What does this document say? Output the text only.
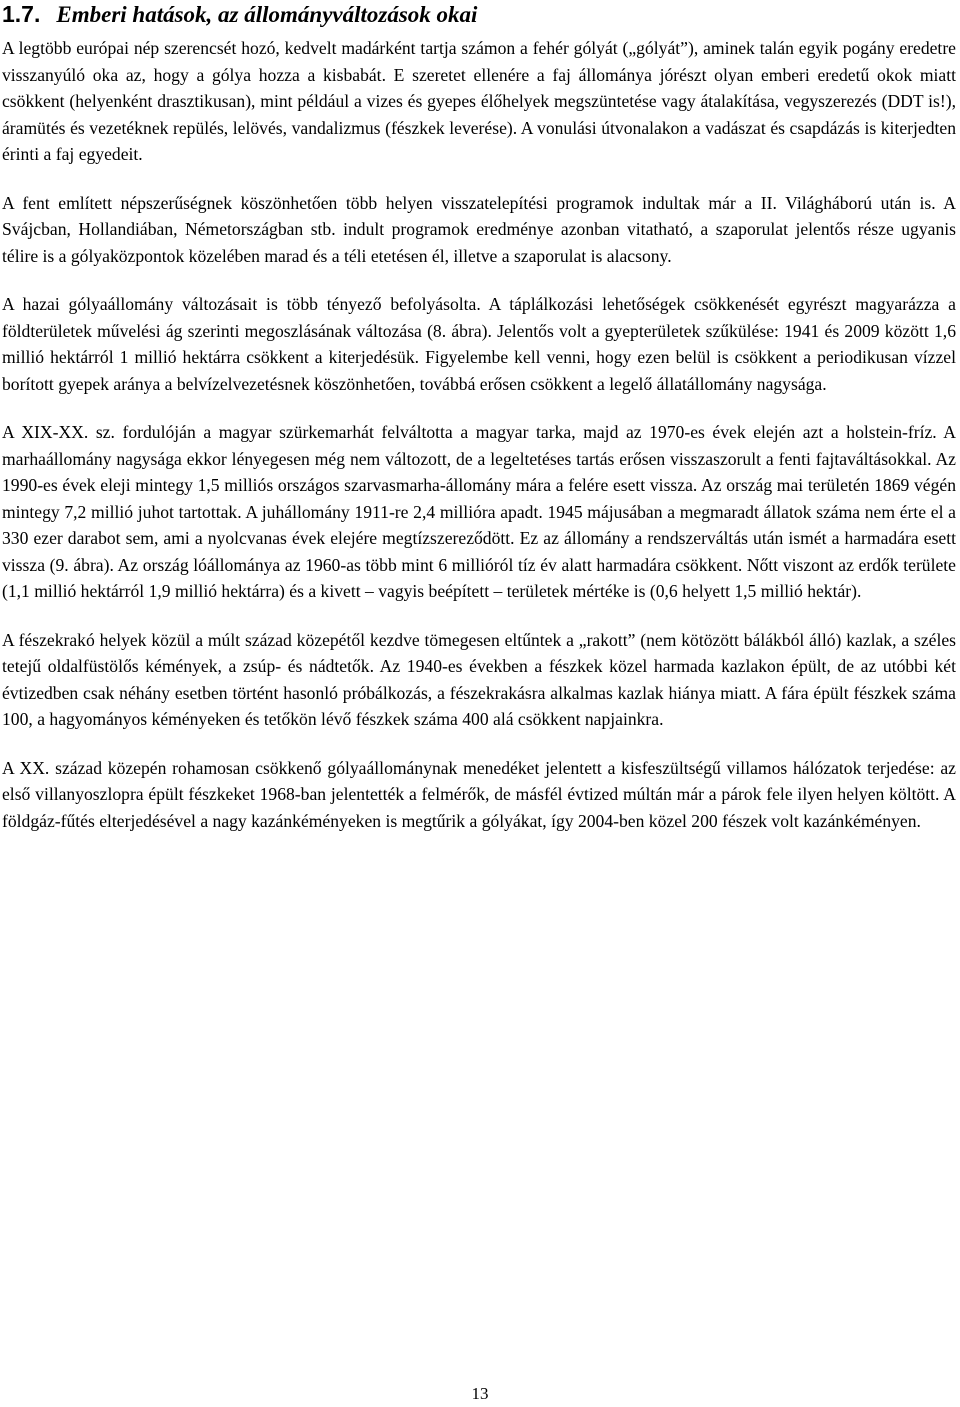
1.7. Emberi hatások, az állományváltozások okai

A legtöbb európai nép szerencsét hozó, kedvelt madárként tartja számon a fehér gólyát („gólyát”), aminek talán egyik pogány eredetre visszanyúló oka az, hogy a gólya hozza a kisbabát. E szeretet ellenére a faj állománya jórészt olyan emberi eredetű okok miatt csökkent (helyenként drasztikusan), mint például a vizes és gyepes élőhelyek megszüntetése vagy átalakítása, vegyszerezés (DDT is!), áramütés és vezetéknek repülés, lelövés, vandalizmus (fészkek leverése). A vonulási útvonalakon a vadászat és csapdázás is kiterjedten érinti a faj egyedeit.

A fent említett népszerűségnek köszönhetően több helyen visszatelepítési programok indultak már a II. Világháború után is. A Svájcban, Hollandiában, Németországban stb. indult programok eredménye azonban vitatható, a szaporulat jelentős része ugyanis télire is a gólyaközpontok közelében marad és a téli etetésen él, illetve a szaporulat is alacsony.

A hazai gólyaállomány változásait is több tényező befolyásolta. A táplálkozási lehetőségek csökkenését egyrészt magyarázza a földterületek művelési ág szerinti megoszlásának változása (8. ábra). Jelentős volt a gyepterületek szűkülése: 1941 és 2009 között 1,6 millió hektárról 1 millió hektárra csökkent a kiterjedésük. Figyelembe kell venni, hogy ezen belül is csökkent a periodikusan vízzel borított gyepek aránya a belvízelvezetésnek köszönhetően, továbbá erősen csökkent a legelő állatállomány nagysága.

A XIX-XX. sz. fordulóján a magyar szürkemarhát felváltotta a magyar tarka, majd az 1970-es évek elején azt a holstein-fríz. A marhaállomány nagysága ekkor lényegesen még nem változott, de a legeltetéses tartás erősen visszaszorult a fenti fajtaváltásokkal. Az 1990-es évek eleji mintegy 1,5 milliós országos szarvasmarha-állomány mára a felére esett vissza. Az ország mai területén 1869 végén mintegy 7,2 millió juhot tartottak. A juhállomány 1911-re 2,4 millióra apadt. 1945 májusában a megmaradt állatok száma nem érte el a 330 ezer darabot sem, ami a nyolcvanas évek elejére megtízszereződött. Ez az állomány a rendszerváltás után ismét a harmadára esett vissza (9. ábra). Az ország lóállománya az 1960-as több mint 6 millióról tíz év alatt harmadára csökkent. Nőtt viszont az erdők területe (1,1 millió hektárról 1,9 millió hektárra) és a kivett – vagyis beépített – területek mértéke is (0,6 helyett 1,5 millió hektár).

A fészekrakó helyek közül a múlt század közepétől kezdve tömegesen eltűntek a „rakott” (nem kötözött bálákból álló) kazlak, a széles tetejű oldalfüstölős kémények, a zsúp- és nádtetők. Az 1940-es években a fészkek közel harmada kazlakon épült, de az utóbbi két évtizedben csak néhány esetben történt hasonló próbálkozás, a fészekrakásra alkalmas kazlak hiánya miatt. A fára épült fészkek száma 100, a hagyományos kéményeken és tetőkön lévő fészkek száma 400 alá csökkent napjainkra.

A XX. század közepén rohamosan csökkenő gólyaállománynak menedéket jelentett a kisfeszültségű villamos hálózatok terjedése: az első villanyoszlopra épült fészkeket 1968-ban jelentették a felmérők, de másfél évtized múltán már a párok fele ilyen helyen költött. A földgáz-fűtés elterjedésével a nagy kazánkéményeken is megtűrik a gólyákat, így 2004-ben közel 200 fészek volt kazánkéményen.

13
